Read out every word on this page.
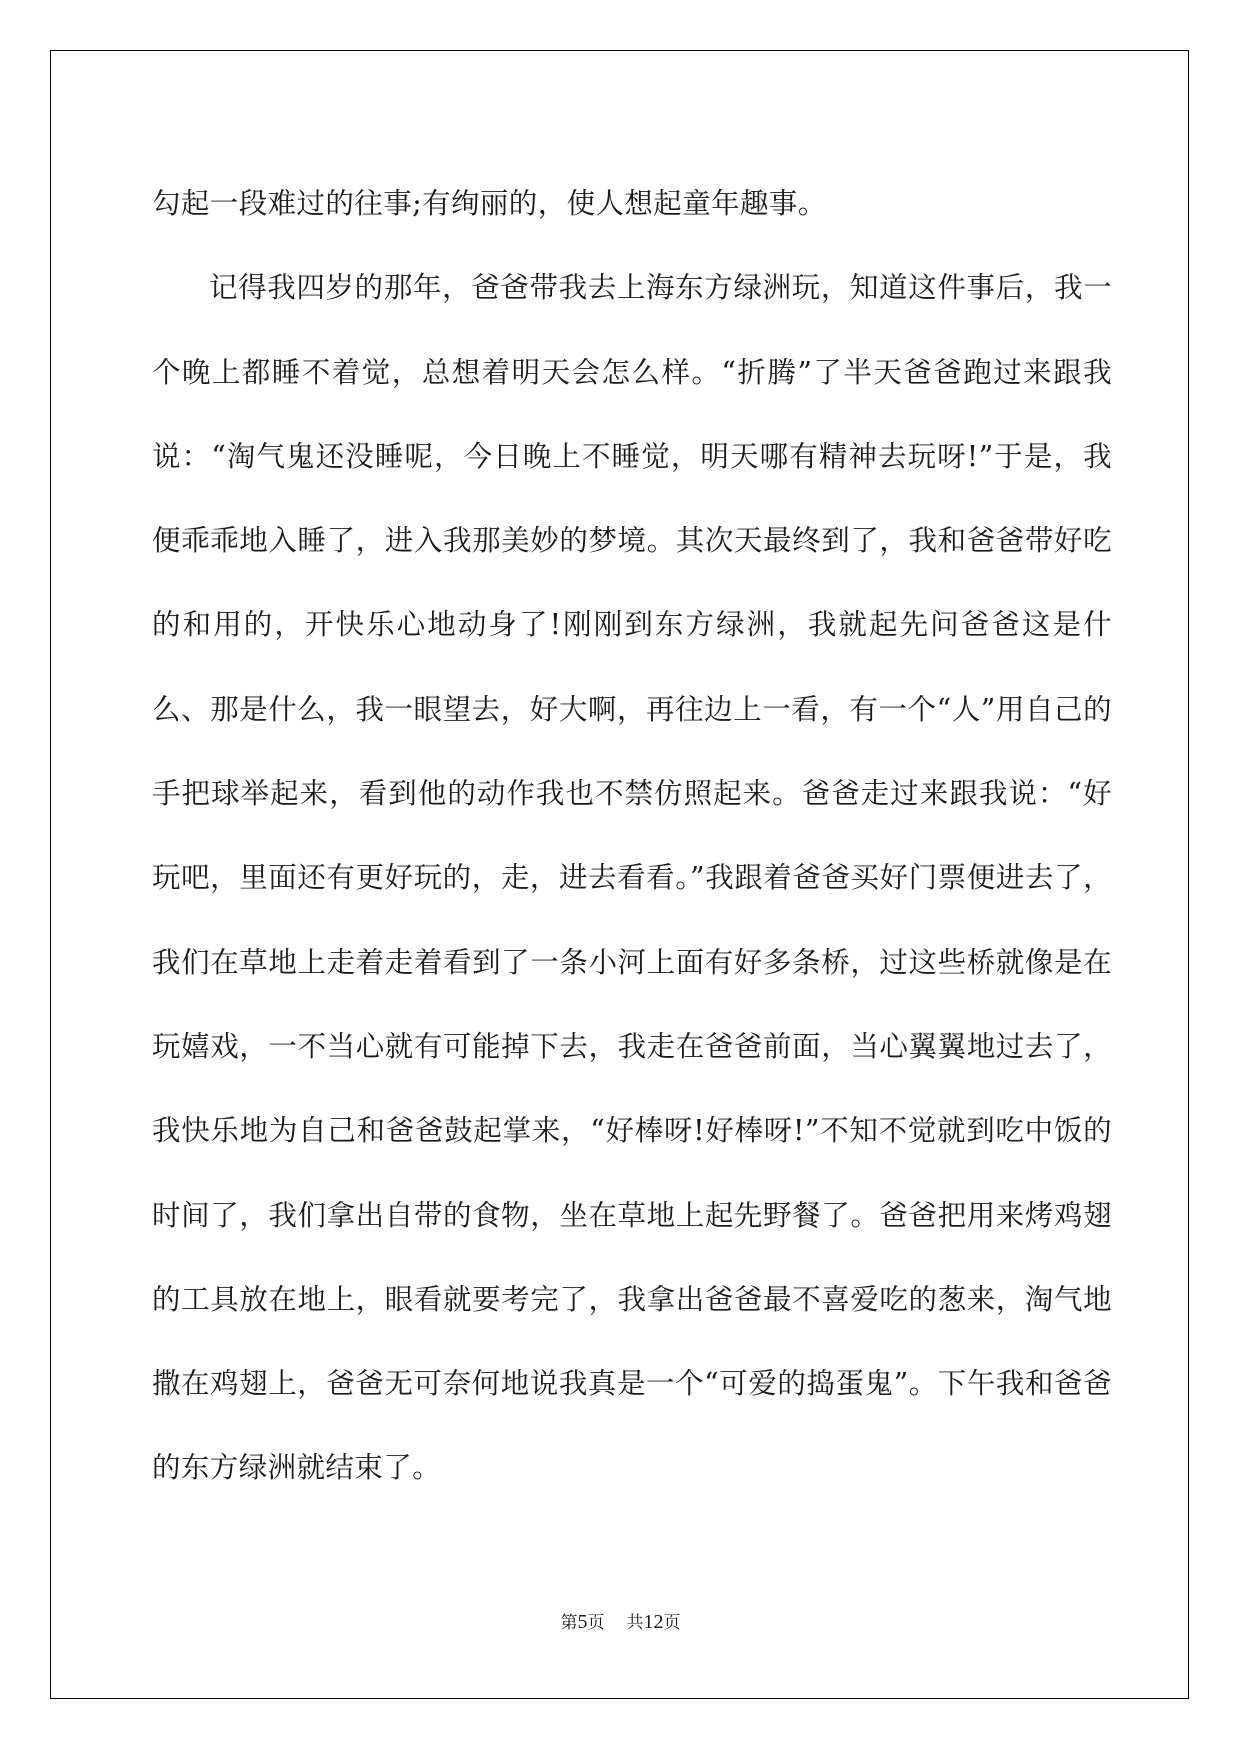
勾起一段难过的往事;有绚丽的，使人想起童年趣事。

记得我四岁的那年，爸爸带我去上海东方绿洲玩，知道这件事后，我一个晚上都睡不着觉，总想着明天会怎么样。“折腾”了半天爸爸跑过来跟我说：“淘气鬼还没睡呢，今日晚上不睡觉，明天哪有精神去玩呀!”于是，我便乖乖地入睡了，进入我那美妙的梦境。其次天最终到了，我和爸爸带好吃的和用的，开快乐心地动身了!刚刚到东方绿洲，我就起先问爸爸这是什么、那是什么，我一眼望去，好大啊，再往边上一看，有一个“人”用自己的手把球举起来，看到他的动作我也不禁仿照起来。爸爸走过来跟我说：“好玩吧，里面还有更好玩的，走，进去看看。”我跟着爸爸买好门票便进去了，我们在草地上走着走着看到了一条小河上面有好多条桥，过这些桥就像是在玩嬉戏，一不当心就有可能掉下去，我走在爸爸前面，当心翼翼地过去了，我快乐地为自己和爸爸鼓起掌来，“好棒呀!好棒呀!”不知不觉就到吃中饭的时间了，我们拿出自带的食物，坐在草地上起先野餐了。爸爸把用来烤鸡翅的工具放在地上，眼看就要考完了，我拿出爸爸最不喜爱吃的葱来，淘气地撒在鸡翅上，爸爸无可奈何地说我真是一个“可爱的捣蛋鬼”。下午我和爸爸的东方绿洲就结束了。

第5页 共12页
